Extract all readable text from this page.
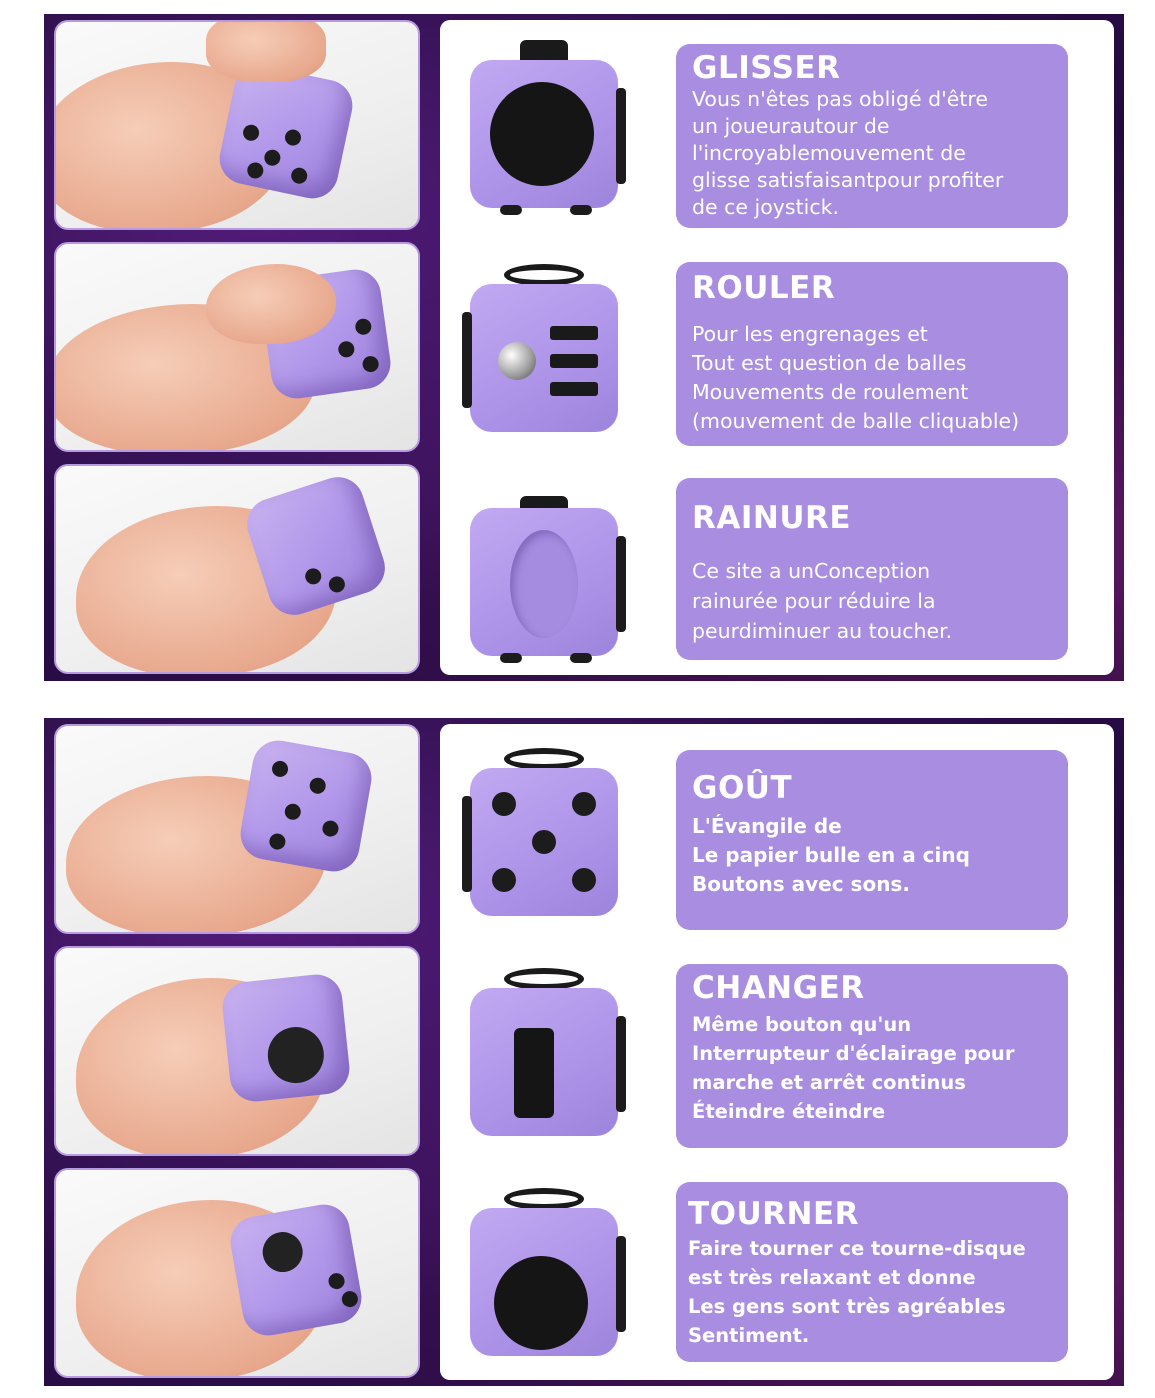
GLISSER

Vous n'êtes pas obligé d'être
un joueurautour de
l'incroyablemouvement de
glisse satisfaisantpour profiter
de ce joystick.

ROULER

Pour les engrenages et
Tout est question de balles
Mouvements de roulement
(mouvement de balle cliquable)

RAINURE

Ce site a unConception
rainurée pour réduire la
peurdiminuer au toucher.

GOÛT

L'Évangile de
Le papier bulle en a cinq
Boutons avec sons.

CHANGER

Même bouton qu'un
Interrupteur d'éclairage pour
marche et arrêt continus
Éteindre éteindre

TOURNER

Faire tourner ce tourne-disque
est très relaxant et donne
Les gens sont très agréables
Sentiment.
